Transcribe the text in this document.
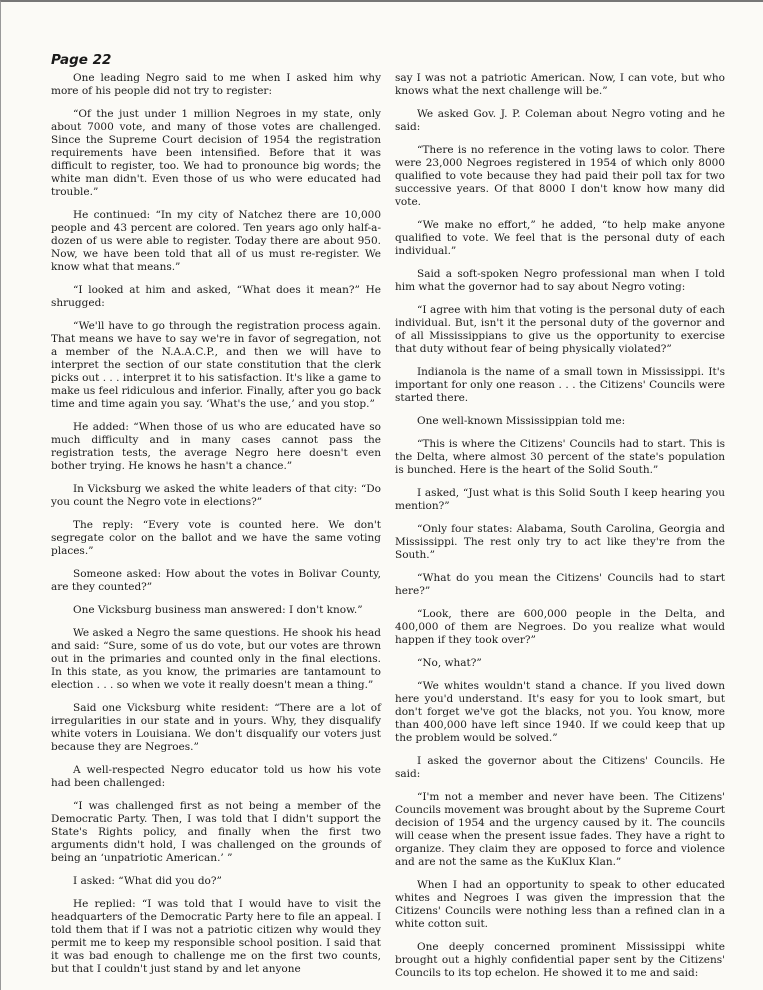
Page 22

One leading Negro said to me when I asked him why more of his people did not try to register:

“Of the just under 1 million Negroes in my state, only about 7000 vote, and many of those votes are challenged. Since the Supreme Court decision of 1954 the registration requirements have been intensified. Before that it was difficult to register, too. We had to pronounce big words; the white man didn't. Even those of us who were educated had trouble.”

He continued: “In my city of Natchez there are 10,000 people and 43 percent are colored. Ten years ago only half-a-dozen of us were able to register. Today there are about 950. Now, we have been told that all of us must re-register. We know what that means.”

“I looked at him and asked, “What does it mean?” He shrugged:

“We'll have to go through the registration process again. That means we have to say we're in favor of segregation, not a member of the N.A.A.C.P., and then we will have to interpret the section of our state constitution that the clerk picks out . . . interpret it to his satisfaction. It's like a game to make us feel ridiculous and inferior. Finally, after you go back time and time again you say. ‘What's the use,’ and you stop.”

He added: “When those of us who are educated have so much difficulty and in many cases cannot pass the registration tests, the average Negro here doesn't even bother trying. He knows he hasn't a chance.”

In Vicksburg we asked the white leaders of that city: “Do you count the Negro vote in elections?”

The reply: “Every vote is counted here. We don't segregate color on the ballot and we have the same voting places.”

Someone asked: How about the votes in Bolivar County, are they counted?”

One Vicksburg business man answered: I don't know.”

We asked a Negro the same questions. He shook his head and said: “Sure, some of us do vote, but our votes are thrown out in the primaries and counted only in the final elections. In this state, as you know, the primaries are tantamount to election . . . so when we vote it really doesn't mean a thing.”

Said one Vicksburg white resident: “There are a lot of irregularities in our state and in yours. Why, they disqualify white voters in Louisiana. We don't disqualify our voters just because they are Negroes.”

A well-respected Negro educator told us how his vote had been challenged:

“I was challenged first as not being a member of the Democratic Party. Then, I was told that I didn't support the State's Rights policy, and finally when the first two arguments didn't hold, I was challenged on the grounds of being an ‘unpatriotic American.’ ”

I asked: “What did you do?”

He replied: “I was told that I would have to visit the headquarters of the Democratic Party here to file an appeal. I told them that if I was not a patriotic citizen why would they permit me to keep my responsible school position. I said that it was bad enough to challenge me on the first two counts, but that I couldn't just stand by and let anyone

say I was not a patriotic American. Now, I can vote, but who knows what the next challenge will be.”

We asked Gov. J. P. Coleman about Negro voting and he said:

“There is no reference in the voting laws to color. There were 23,000 Negroes registered in 1954 of which only 8000 qualified to vote because they had paid their poll tax for two successive years. Of that 8000 I don't know how many did vote.

“We make no effort,” he added, “to help make anyone qualified to vote. We feel that is the personal duty of each individual.”

Said a soft-spoken Negro professional man when I told him what the governor had to say about Negro voting:

“I agree with him that voting is the personal duty of each individual. But, isn't it the personal duty of the governor and of all Mississippians to give us the opportunity to exercise that duty without fear of being physically violated?”

Indianola is the name of a small town in Mississippi. It's important for only one reason . . . the Citizens' Councils were started there.

One well-known Mississippian told me:

“This is where the Citizens' Councils had to start. This is the Delta, where almost 30 percent of the state's population is bunched. Here is the heart of the Solid South.”

I asked, “Just what is this Solid South I keep hearing you mention?”

“Only four states: Alabama, South Carolina, Georgia and Mississippi. The rest only try to act like they're from the South.”

“What do you mean the Citizens' Councils had to start here?”

“Look, there are 600,000 people in the Delta, and 400,000 of them are Negroes. Do you realize what would happen if they took over?”

“No, what?”

“We whites wouldn't stand a chance. If you lived down here you'd understand. It's easy for you to look smart, but don't forget we've got the blacks, not you. You know, more than 400,000 have left since 1940. If we could keep that up the problem would be solved.”

I asked the governor about the Citizens' Councils. He said:

“I'm not a member and never have been. The Citizens' Councils movement was brought about by the Supreme Court decision of 1954 and the urgency caused by it. The councils will cease when the present issue fades. They have a right to organize. They claim they are opposed to force and violence and are not the same as the KuKlux Klan.”

When I had an opportunity to speak to other educated whites and Negroes I was given the impression that the Citizens' Councils were nothing less than a refined clan in a white cotton suit.

One deeply concerned prominent Mississippi white brought out a highly confidential paper sent by the Citizens' Councils to its top echelon. He showed it to me and said:
